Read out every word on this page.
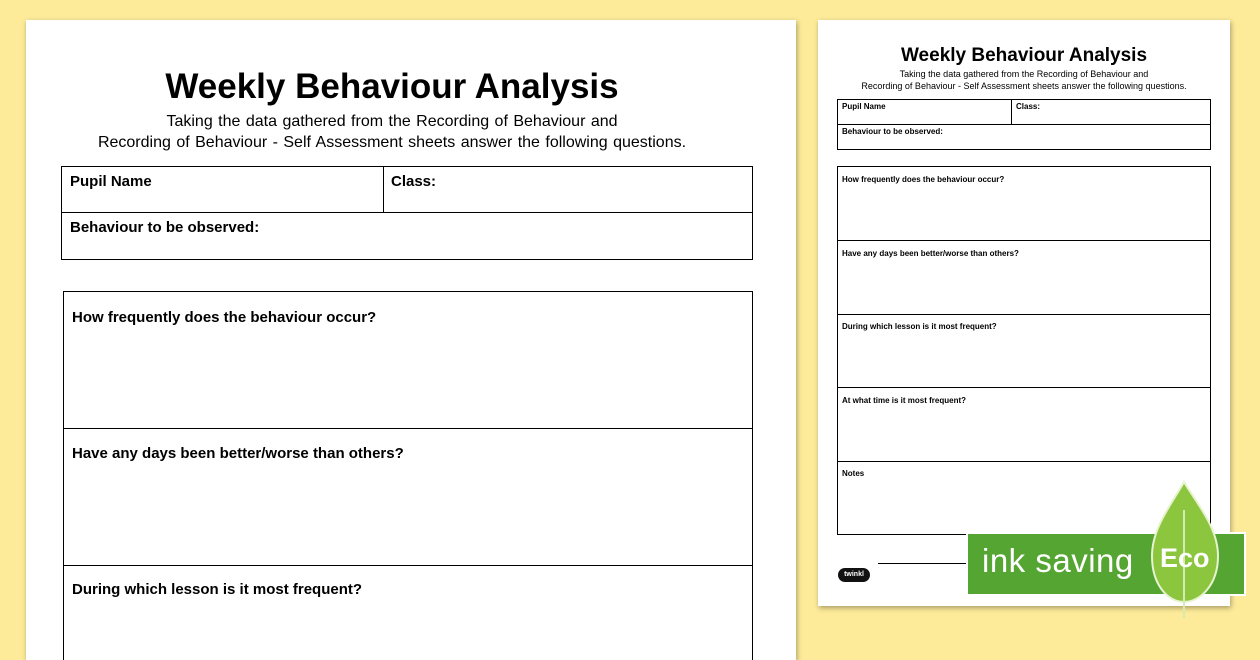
Weekly Behaviour Analysis
Taking the data gathered from the Recording of Behaviour and
Recording of Behaviour - Self Assessment sheets answer the following questions.
Pupil Name	Class:
Behaviour to be observed:
How frequently does the behaviour occur?
Have any days been better/worse than others?
During which lesson is it most frequent?
Weekly Behaviour Analysis
Taking the data gathered from the Recording of Behaviour and
Recording of Behaviour - Self Assessment sheets answer the following questions.
Pupil Name	Class:
Behaviour to be observed:
How frequently does the behaviour occur?
Have any days been better/worse than others?
During which lesson is it most frequent?
At what time is it most frequent?
Notes
twinkl	ink saving Eco
